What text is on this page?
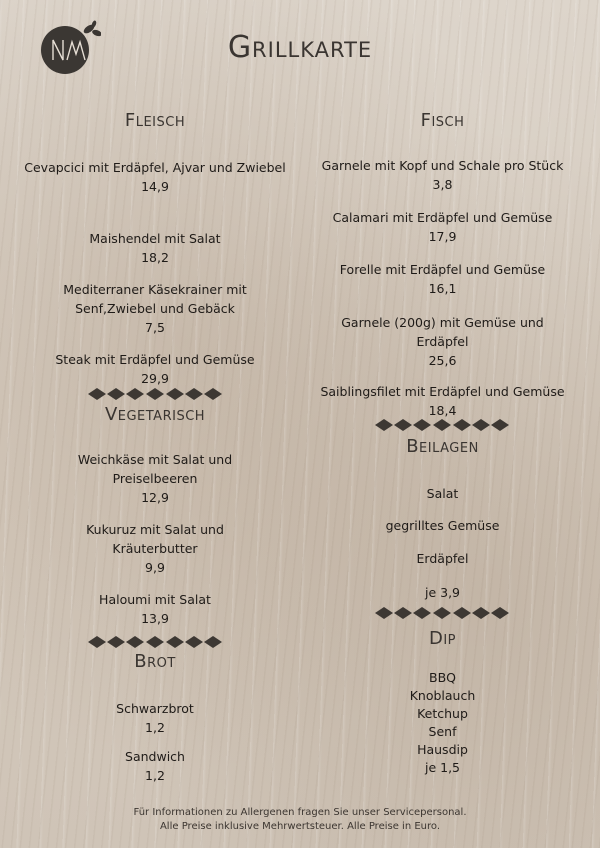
Grillkarte
Fleisch
Cevapcici mit Erdäpfel, Ajvar und Zwiebel
14,9
Maishendel mit Salat
18,2
Mediterraner Käsekrainer mit Senf,Zwiebel und Gebäck
7,5
Steak mit Erdäpfel und Gemüse
29,9
Vegetarisch
Weichkäse mit Salat und Preiselbeeren
12,9
Kukuruz mit Salat und Kräuterbutter
9,9
Haloumi mit Salat
13,9
Brot
Schwarzbrot
1,2
Sandwich
1,2
Fisch
Garnele mit Kopf und Schale pro Stück
3,8
Calamari mit Erdäpfel und Gemüse
17,9
Forelle mit Erdäpfel und Gemüse
16,1
Garnele (200g) mit Gemüse und Erdäpfel
25,6
Saiblingsfilet mit Erdäpfel und Gemüse
18,4
Beilagen
Salat
gegrilltes Gemüse
Erdäpfel
je 3,9
Dip
BBQ
Knoblauch
Ketchup
Senf
Hausdip
je 1,5
Für Informationen zu Allergenen fragen Sie unser Servicepersonal.
Alle Preise inklusive Mehrwertsteuer. Alle Preise in Euro.
